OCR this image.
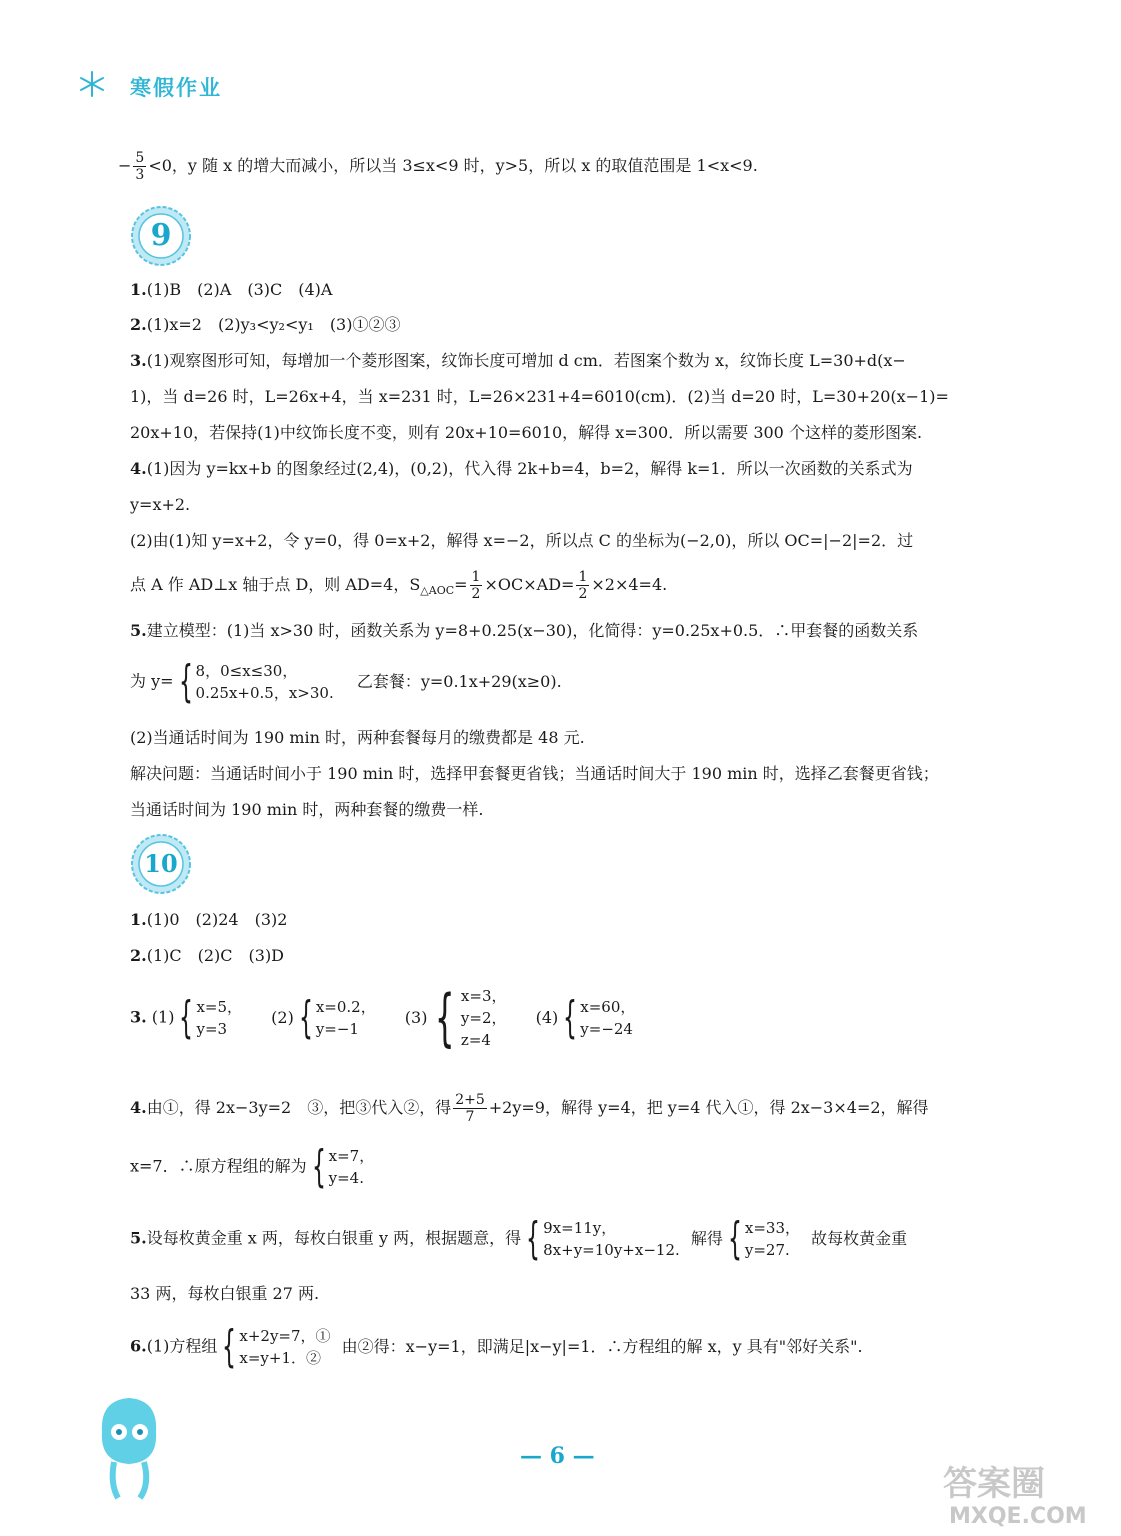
寒假作业
− $\frac{5}{3} <0$，y 随 x 的增大而减小，所以当 3≤x<9 时，y>5，所以 x 的取值范围是 1<x<9.
9
1.(1)B　(2)A　(3)C　(4)A
2.(1)x=2　(2)y₃<y₂<y₁　(3)①②③
3.(1)观察图形可知，每增加一个菱形图案，纹饰长度可增加 d cm．若图案个数为 x，纹饰长度 L=30+d(x−
1)，当 d=26 时，L=26x+4，当 x=231 时，L=26×231+4=6010(cm)．(2)当 d=20 时，L=30+20(x−1)=
20x+10，若保持(1)中纹饰长度不变，则有 20x+10=6010，解得 x=300．所以需要 300 个这样的菱形图案.
4.(1)因为 y=kx+b 的图象经过(2,4)，(0,2)，代入得 2k+b=4，b=2，解得 k=1．所以一次函数的关系式为
y=x+2.
(2)由(1)知 y=x+2，令 y=0，得 0=x+2，解得 x=−2，所以点 C 的坐标为(−2,0)，所以 OC=|−2|=2．过
点 A 作 AD⊥x 轴于点 D，则 AD=4，$S_{\triangle AOC}= \frac{1}{2} \times OC\times AD= \frac{1}{2} \times 2\times 4=4$.
5.建立模型：(1)当 x>30 时，函数关系为 y=8+0.25(x−30)，化简得：y=0.25x+0.5．∴甲套餐的函数关系
为 y= { 8，0≤x≤30，
0.25x+0.5，x>30.
乙套餐：y=0.1x+29(x≥0).
(2)当通话时间为 190 min 时，两种套餐每月的缴费都是 48 元.
解决问题：当通话时间小于 190 min 时，选择甲套餐更省钱；当通话时间大于 190 min 时，选择乙套餐更省钱；
当通话时间为 190 min 时，两种套餐的缴费一样.
10
1.(1)0　(2)24　(3)2
2.(1)C　(2)C　(3)D
3. (1) { x=5，
y=3
(2) { x=0.2，
y=−1
(3) { x=3，
y=2，
z=4
(4) { x=60，
y=−24
4.由①，得 2x−3y=2　③，把③代入②，得 $\frac{2+5}{7} +2y=9$，解得 y=4，把 y=4 代入①，得 2x−3×4=2，解得
x=7．∴原方程组的解为 { x=7，
y=4.
5.设每枚黄金重 x 两，每枚白银重 y 两，根据题意，得 { 9x=11y，
8x+y=10y+x−12.
解得 { x=33，
y=27.
故每枚黄金重
33 两，每枚白银重 27 两.
6.(1)方程组 { x+2y=7，①
x=y+1．②
由②得：x−y=1，即满足|x−y|=1．∴方程组的解 x，y 具有"邻好关系".
— 6 —
答案圈
MXQE.COM
